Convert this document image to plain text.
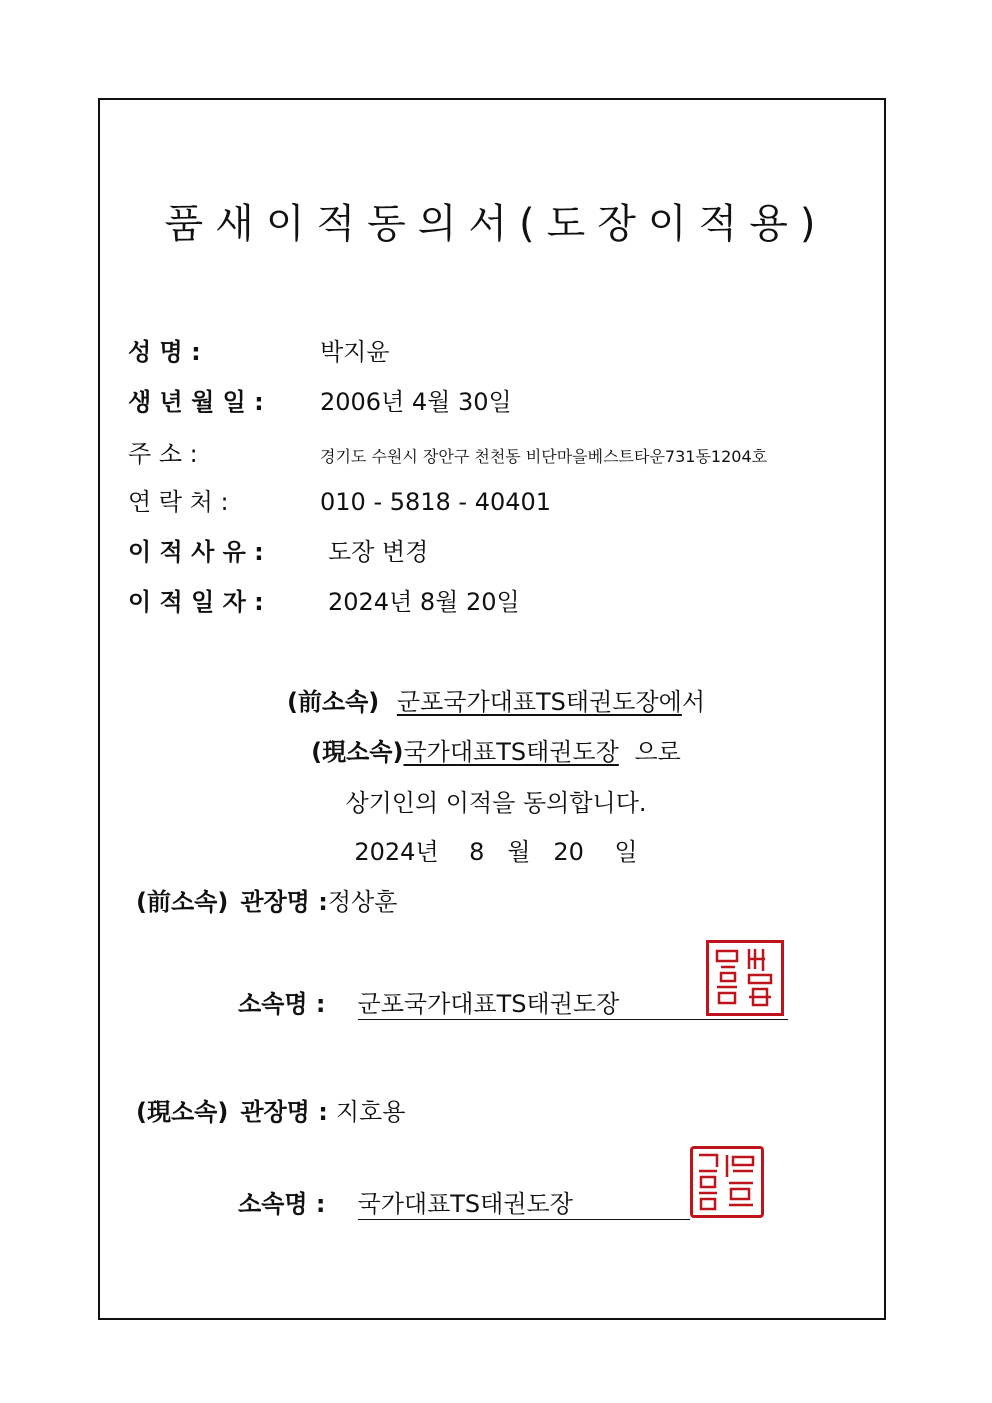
품새이적동의서(도장이적용)
성 명 :	박지윤
생 년 월 일 :	2006년 4월 30일
주 소 :	경기도 수원시 장안구 천천동 비단마을베스트타운731동1204호
연 락 처 :	010 - 5818 - 40401
이 적 사 유 :	도장 변경
이 적 일 자 :	2024년 8월 20일
(前소속) 군포국가대표TS태권도장에서
(現소속)국가대표TS태권도장 으로
상기인의 이적을 동의합니다.
2024년    8   월   20    일
(前소속) 관장명 : 정상훈
소속명 : 군포국가대표TS태권도장
(現소속) 관장명 : 지호용
소속명 : 국가대표TS태권도장
